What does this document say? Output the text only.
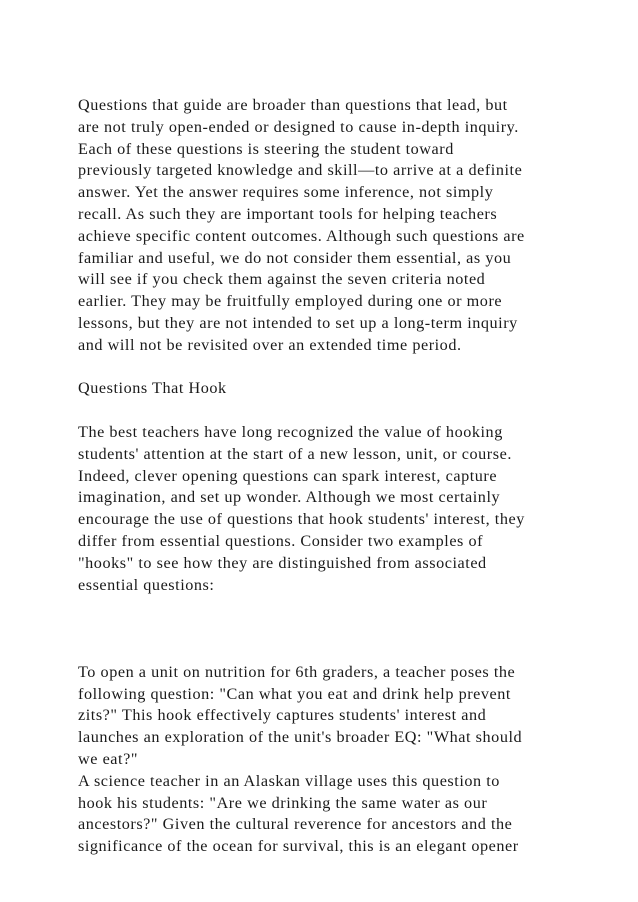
Questions that guide are broader than questions that lead, but
are not truly open-ended or designed to cause in-depth inquiry.
Each of these questions is steering the student toward
previously targeted knowledge and skill—to arrive at a definite
answer. Yet the answer requires some inference, not simply
recall. As such they are important tools for helping teachers
achieve specific content outcomes. Although such questions are
familiar and useful, we do not consider them essential, as you
will see if you check them against the seven criteria noted
earlier. They may be fruitfully employed during one or more
lessons, but they are not intended to set up a long-term inquiry
and will not be revisited over an extended time period.
Questions That Hook
The best teachers have long recognized the value of hooking
students' attention at the start of a new lesson, unit, or course.
Indeed, clever opening questions can spark interest, capture
imagination, and set up wonder. Although we most certainly
encourage the use of questions that hook students' interest, they
differ from essential questions. Consider two examples of
"hooks" to see how they are distinguished from associated
essential questions:
To open a unit on nutrition for 6th graders, a teacher poses the
following question: "Can what you eat and drink help prevent
zits?" This hook effectively captures students' interest and
launches an exploration of the unit's broader EQ: "What should
we eat?"
A science teacher in an Alaskan village uses this question to
hook his students: "Are we drinking the same water as our
ancestors?" Given the cultural reverence for ancestors and the
significance of the ocean for survival, this is an elegant opener
